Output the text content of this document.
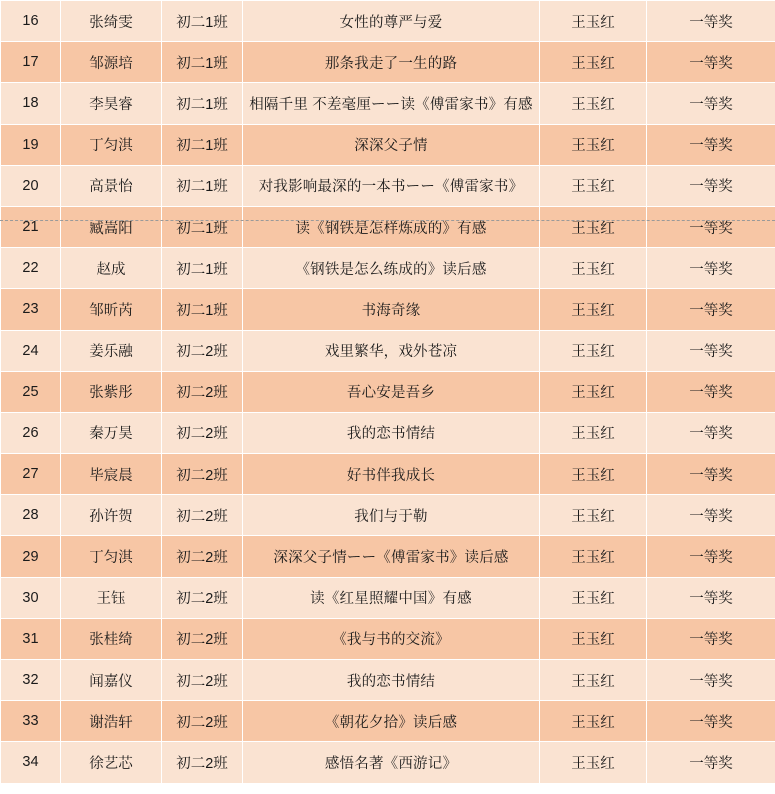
16	张绮雯	初二1班	女性的尊严与爱	王玉红	一等奖
17	邹源培	初二1班	那条我走了一生的路	王玉红	一等奖
18	李昊睿	初二1班	相隔千里 不差毫厘ーー读《傅雷家书》有感	王玉红	一等奖
19	丁匀淇	初二1班	深深父子情	王玉红	一等奖
20	高景怡	初二1班	对我影响最深的一本书ーー《傅雷家书》	王玉红	一等奖
21	臧嵩阳	初二1班	读《钢铁是怎样炼成的》有感	王玉红	一等奖
22	赵成	初二1班	《钢铁是怎么练成的》读后感	王玉红	一等奖
23	邹昕芮	初二1班	书海奇缘	王玉红	一等奖
24	姜乐融	初二2班	戏里繁华，戏外苍凉	王玉红	一等奖
25	张紫彤	初二2班	吾心安是吾乡	王玉红	一等奖
26	秦万昊	初二2班	我的恋书情结	王玉红	一等奖
27	毕宸晨	初二2班	好书伴我成长	王玉红	一等奖
28	孙许贺	初二2班	我们与于勒	王玉红	一等奖
29	丁匀淇	初二2班	深深父子情ーー《傅雷家书》读后感	王玉红	一等奖
30	王钰	初二2班	读《红星照耀中国》有感	王玉红	一等奖
31	张桂绮	初二2班	《我与书的交流》	王玉红	一等奖
32	闻嘉仪	初二2班	我的恋书情结	王玉红	一等奖
33	谢浩轩	初二2班	《朝花夕拾》读后感	王玉红	一等奖
34	徐艺芯	初二2班	感悟名著《西游记》	王玉红	一等奖
